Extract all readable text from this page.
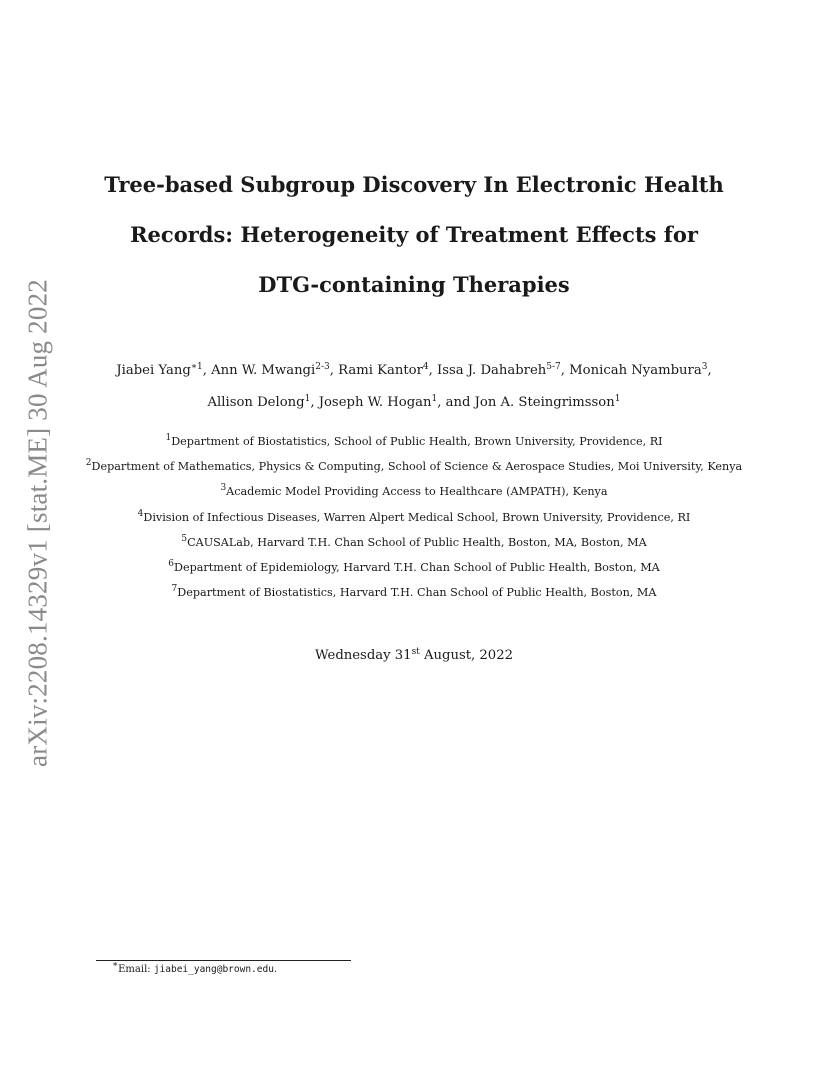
arXiv:2208.14329v1 [stat.ME] 30 Aug 2022
Tree-based Subgroup Discovery In Electronic Health
Records: Heterogeneity of Treatment Effects for
DTG-containing Therapies
Jiabei Yang$^{∗1}$, Ann W. Mwangi$^{2-3}$, Rami Kantor$^4$, Issa J. Dahabreh$^{5-7}$, Monicah Nyambura$^3$,
Allison Delong$^1$, Joseph W. Hogan$^1$, and Jon A. Steingrimsson$^1$
$^1$Department of Biostatistics, School of Public Health, Brown University, Providence, RI
$^2$Department of Mathematics, Physics & Computing, School of Science & Aerospace Studies, Moi University, Kenya
$^3$Academic Model Providing Access to Healthcare (AMPATH), Kenya
$^4$Division of Infectious Diseases, Warren Alpert Medical School, Brown University, Providence, RI
$^5$CAUSALab, Harvard T.H. Chan School of Public Health, Boston, MA, Boston, MA
$^6$Department of Epidemiology, Harvard T.H. Chan School of Public Health, Boston, MA
$^7$Department of Biostatistics, Harvard T.H. Chan School of Public Health, Boston, MA
Wednesday 31st August, 2022
∗Email: jiabei_yang@brown.edu.
